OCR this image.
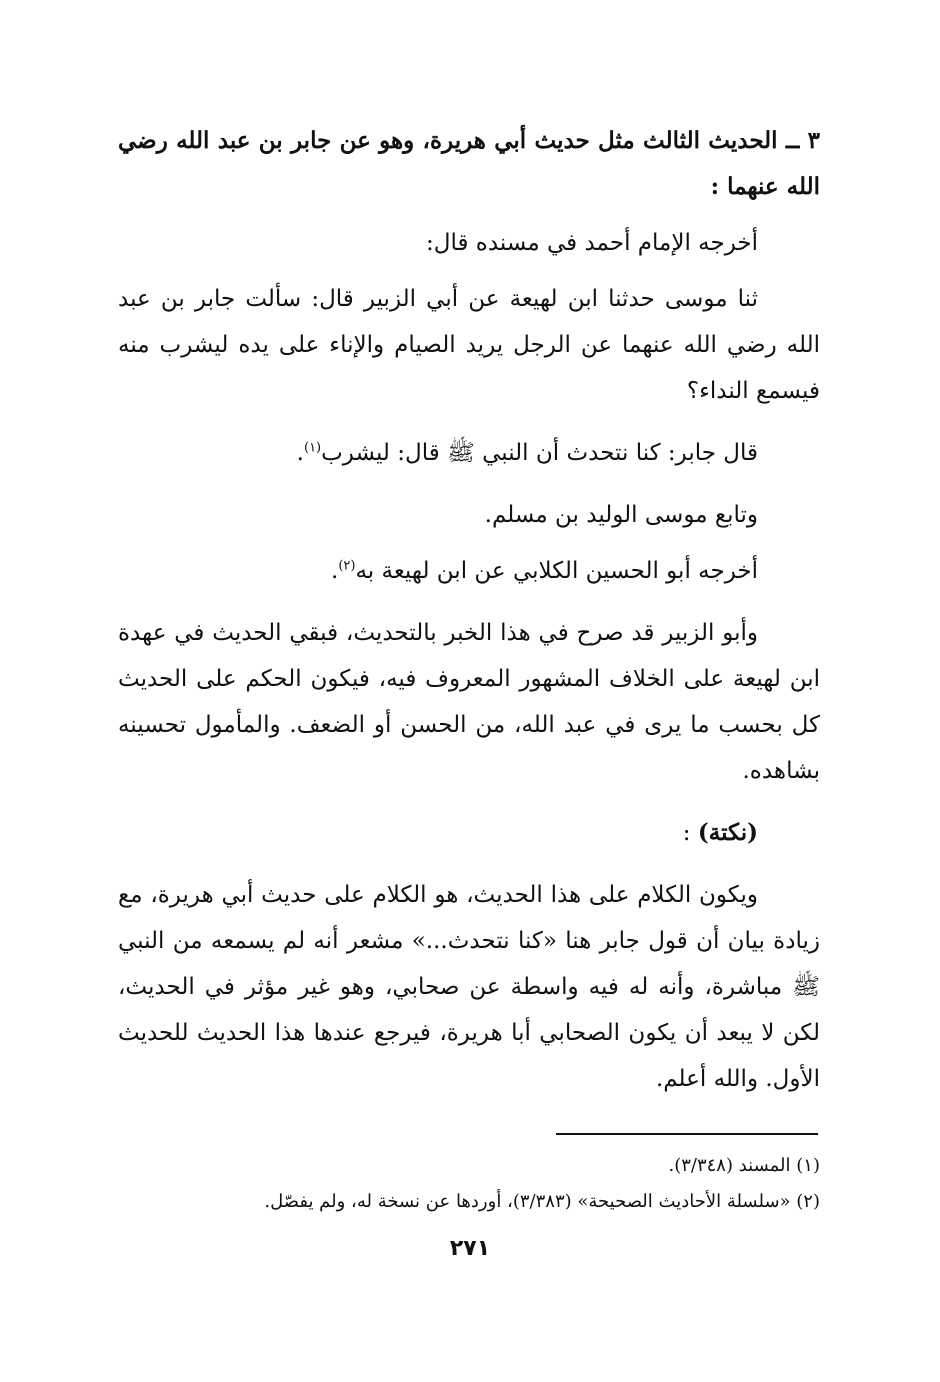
٣ ــ الحديث الثالث مثل حديث أبي هريرة، وهو عن جابر بن عبد الله رضي الله عنهما :

أخرجه الإمام أحمد في مسنده قال:

ثنا موسى حدثنا ابن لهيعة عن أبي الزبير قال: سألت جابر بن عبد الله رضي الله عنهما عن الرجل يريد الصيام والإناء على يده ليشرب منه فيسمع النداء؟

قال جابر: كنا نتحدث أن النبي ﷺ قال: ليشرب$^{(١)}$.

وتابع موسى الوليد بن مسلم.

أخرجه أبو الحسين الكلابي عن ابن لهيعة به$^{(٢)}$.

وأبو الزبير قد صرح في هذا الخبر بالتحديث، فبقي الحديث في عهدة ابن لهيعة على الخلاف المشهور المعروف فيه، فيكون الحكم على الحديث كل بحسب ما يرى في عبد الله، من الحسن أو الضعف. والمأمول تحسينه بشاهده.

(نكتة) :

ويكون الكلام على هذا الحديث، هو الكلام على حديث أبي هريرة، مع زيادة بيان أن قول جابر هنا «كنا نتحدث...» مشعر أنه لم يسمعه من النبي ﷺ مباشرة، وأنه له فيه واسطة عن صحابي، وهو غير مؤثر في الحديث، لكن لا يبعد أن يكون الصحابي أبا هريرة، فيرجع عندها هذا الحديث للحديث الأول. والله أعلم.

(١) المسند (٣/٣٤٨).

(٢) «سلسلة الأحاديث الصحيحة» (٣/٣٨٣)، أوردها عن نسخة له، ولم يفصّل.

٢٧١
